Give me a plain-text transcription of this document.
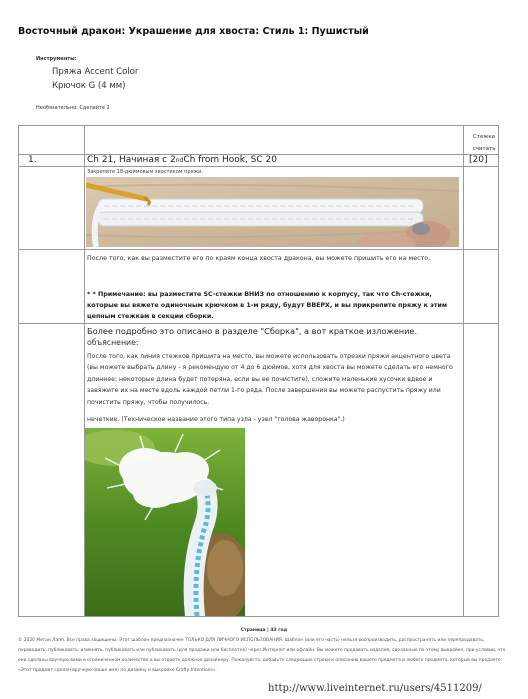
Восточный дракон: Украшение для хвоста: Стиль 1: Пушистый
Инструменты:
Пряжа Accent Color
Крючок G (4 мм)
Необязательно: Сделайте 2
Стежка считать
1.	Ch 21, Начиная с 2ndCh from Hook, SC 20	[20]
Закрепите 18-дюймовым хвостиком пряжи.
После того, как вы разместите его по краям конца хвоста дракона, вы можете пришить его на место.
* * Примечание: вы разместите SC-стежки ВНИЗ по отношению к корпусу, так что Ch-стежки, которые вы вяжете одиночным крючком в 1-м ряду, будут ВВЕРХ, и вы прикрепите пряжу к этим цепным стежкам в секции сборки.
Более подробно это описано в разделе "Сборка", а вот краткое изложение.
объяснение:
После того, как линия стежков пришита на место, вы можете использовать отрезки пряжи акцентного цвета (вы можете выбрать длину - я рекомендую от 4 до 6 дюймов, хотя для хвоста вы можете сделать его немного длиннее; некоторые длина будет потеряна, если вы ее почистите), сложите маленькие кусочки вдвое и завяжите их на месте вдоль каждой петли 1-го ряда. После завершения вы можете распустить пряжу или почистить пряжу, чтобы получилось.
нечеткие. (Техническое название этого типа узла - узел "голова жаворонка".)
Страница | 43 год
© 2020 Меган Лапп. Все права защищены. Этот шаблон предназначен ТОЛЬКО ДЛЯ ЛИЧНОГО ИСПОЛЬЗОВАНИЯ. Шаблон (или его часть) нельзя воспроизводить, распространять или перепродавать, переводить, публиковать, изменять, публиковать или публиковать (для продажи или бесплатно) через Интернет или офлайн. Вы можете продавать изделия, сделанные по этому выкройке, при условии, что они сделаны вручную вами в ограниченном количестве и вы отдаете должное дизайнеру. Пожалуйста, добавьте следующие строки к описанию вашего предмета и любого предмета, который вы продаете: «Этот предмет сделан вручную (ваше имя) по дизайну и выкройке Crafty Intentions».
http://www.liveinternet.ru/users/4511209/
